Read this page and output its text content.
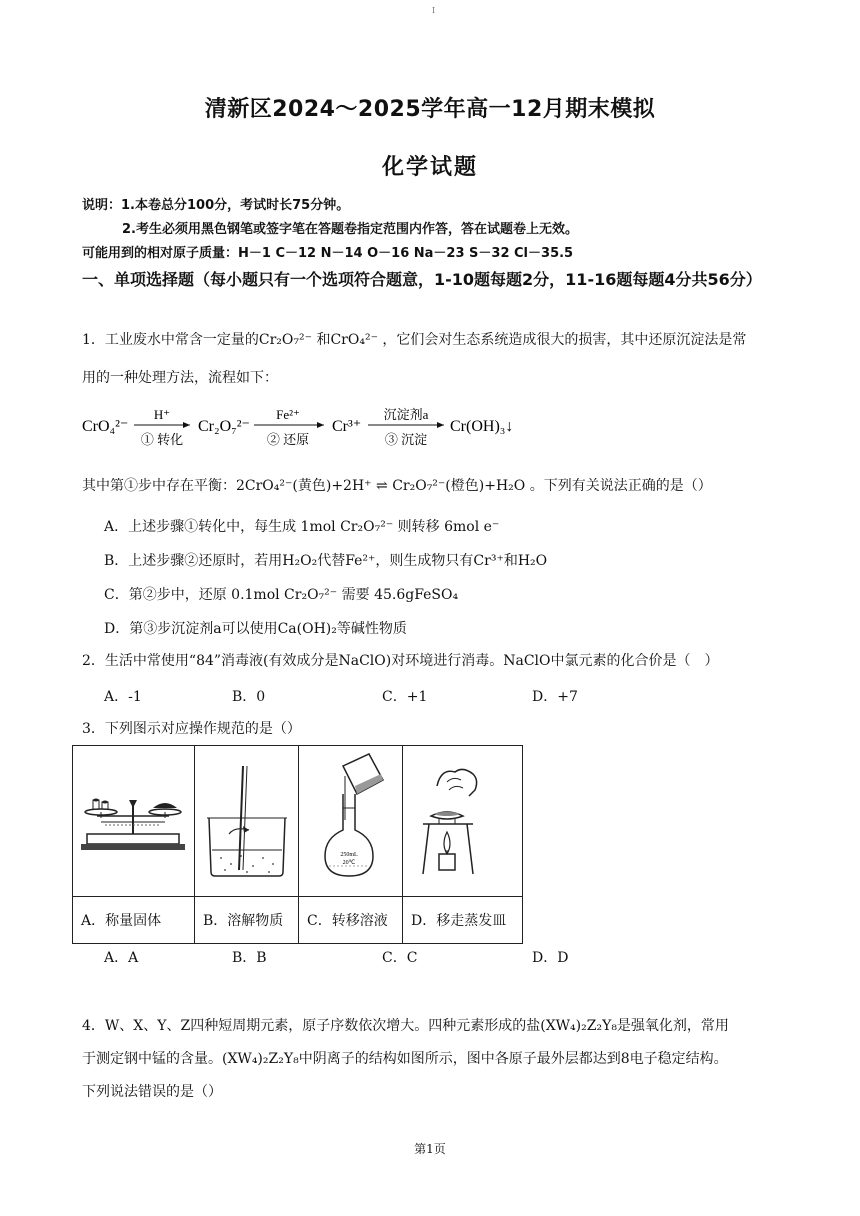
I
清新区2024～2025学年高一12月期末模拟
化学试题
说明：1.本卷总分100分，考试时长75分钟。
2.考生必须用黑色钢笔或签字笔在答题卷指定范围内作答，答在试题卷上无效。
可能用到的相对原子质量：H－1 C－12 N－14 O－16 Na－23 S－32 Cl－35.5
一、单项选择题（每小题只有一个选项符合题意，1-10题每题2分，11-16题每题4分共56分）
1．工业废水中常含一定量的Cr₂O₇²⁻ 和CrO₄²⁻ ，它们会对生态系统造成很大的损害，其中还原沉淀法是常
用的一种处理方法，流程如下：
CrO₄²⁻
H⁺
① 转化
Cr₂O₇²⁻
Fe²⁺
② 还原
Cr³⁺
沉淀剂a
③ 沉淀
Cr(OH)₃↓
其中第①步中存在平衡：2CrO₄²⁻(黄色)+2H⁺ ⇌ Cr₂O₇²⁻(橙色)+H₂O 。下列有关说法正确的是（）
A．上述步骤①转化中，每生成 1mol Cr₂O₇²⁻ 则转移 6mol e⁻
B．上述步骤②还原时，若用H₂O₂代替Fe²⁺，则生成物只有Cr³⁺和H₂O
C．第②步中，还原 0.1mol Cr₂O₇²⁻ 需要 45.6gFeSO₄
D．第③步沉淀剂a可以使用Ca(OH)₂等碱性物质
2．生活中常使用“84”消毒液(有效成分是NaClO)对环境进行消毒。NaClO中氯元素的化合价是（　）
A．-1	B．0	C．+1	D．+7
3．下列图示对应操作规范的是（）

250mL
20℃

A．称量固体	B．溶解物质	C．转移溶液	D．移走蒸发皿
A．A	B．B	C．C	D．D
4．W、X、Y、Z四种短周期元素，原子序数依次增大。四种元素形成的盐(XW₄)₂Z₂Y₈是强氧化剂，常用
于测定钢中锰的含量。(XW₄)₂Z₂Y₈中阴离子的结构如图所示，图中各原子最外层都达到8电子稳定结构。
下列说法错误的是（）
第1页
